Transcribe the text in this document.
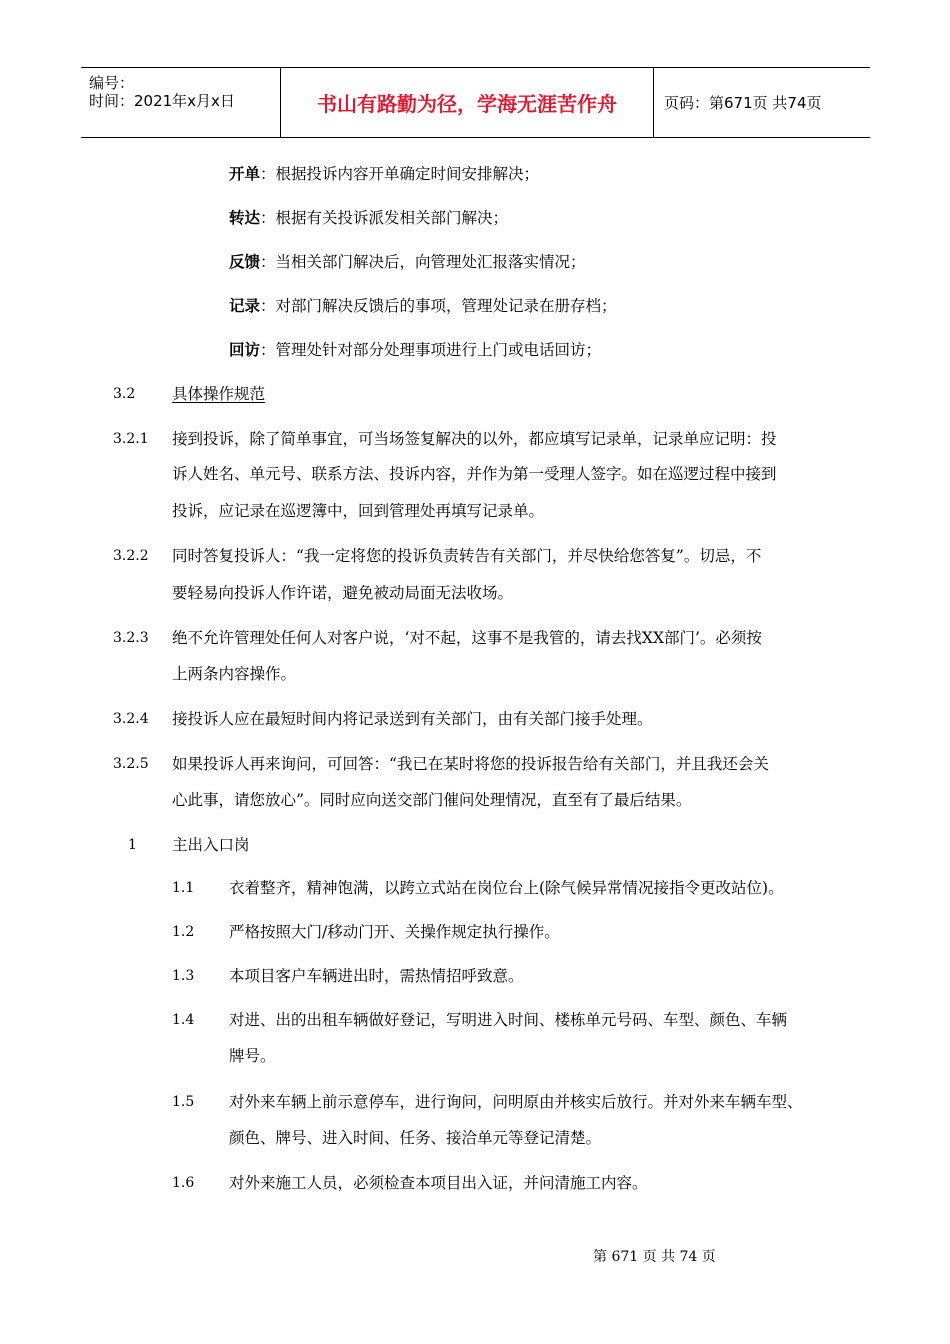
编号：
时间：2021年x月x日	书山有路勤为径，学海无涯苦作舟	页码：第671页 共74页
开单：根据投诉内容开单确定时间安排解决；
转达：根据有关投诉派发相关部门解决；
反馈：当相关部门解决后，向管理处汇报落实情况；
记录：对部门解决反馈后的事项，管理处记录在册存档；
回访：管理处针对部分处理事项进行上门或电话回访；
3.2 具体操作规范
3.2.1 接到投诉，除了简单事宜，可当场签复解决的以外，都应填写记录单，记录单应记明：投
诉人姓名、单元号、联系方法、投诉内容，并作为第一受理人签字。如在巡逻过程中接到
投诉，应记录在巡逻簿中，回到管理处再填写记录单。
3.2.2 同时答复投诉人：“我一定将您的投诉负责转告有关部门，并尽快给您答复”。切忌，不
要轻易向投诉人作许诺，避免被动局面无法收场。
3.2.3 绝不允许管理处任何人对客户说，‘对不起，这事不是我管的，请去找XX部门’。必须按
上两条内容操作。
3.2.4 接投诉人应在最短时间内将记录送到有关部门，由有关部门接手处理。
3.2.5 如果投诉人再来询问，可回答：“我已在某时将您的投诉报告给有关部门，并且我还会关
心此事，请您放心”。同时应向送交部门催问处理情况，直至有了最后结果。
1 主出入口岗
1.1 衣着整齐，精神饱满，以跨立式站在岗位台上(除气候异常情况接指令更改站位)。
1.2 严格按照大门/移动门开、关操作规定执行操作。
1.3 本项目客户车辆进出时，需热情招呼致意。
1.4 对进、出的出租车辆做好登记，写明进入时间、楼栋单元号码、车型、颜色、车辆
牌号。
1.5 对外来车辆上前示意停车，进行询问，问明原由并核实后放行。并对外来车辆车型、
颜色、牌号、进入时间、任务、接洽单元等登记清楚。
1.6 对外来施工人员，必须检查本项目出入证，并问清施工内容。
第 671 页 共 74 页
